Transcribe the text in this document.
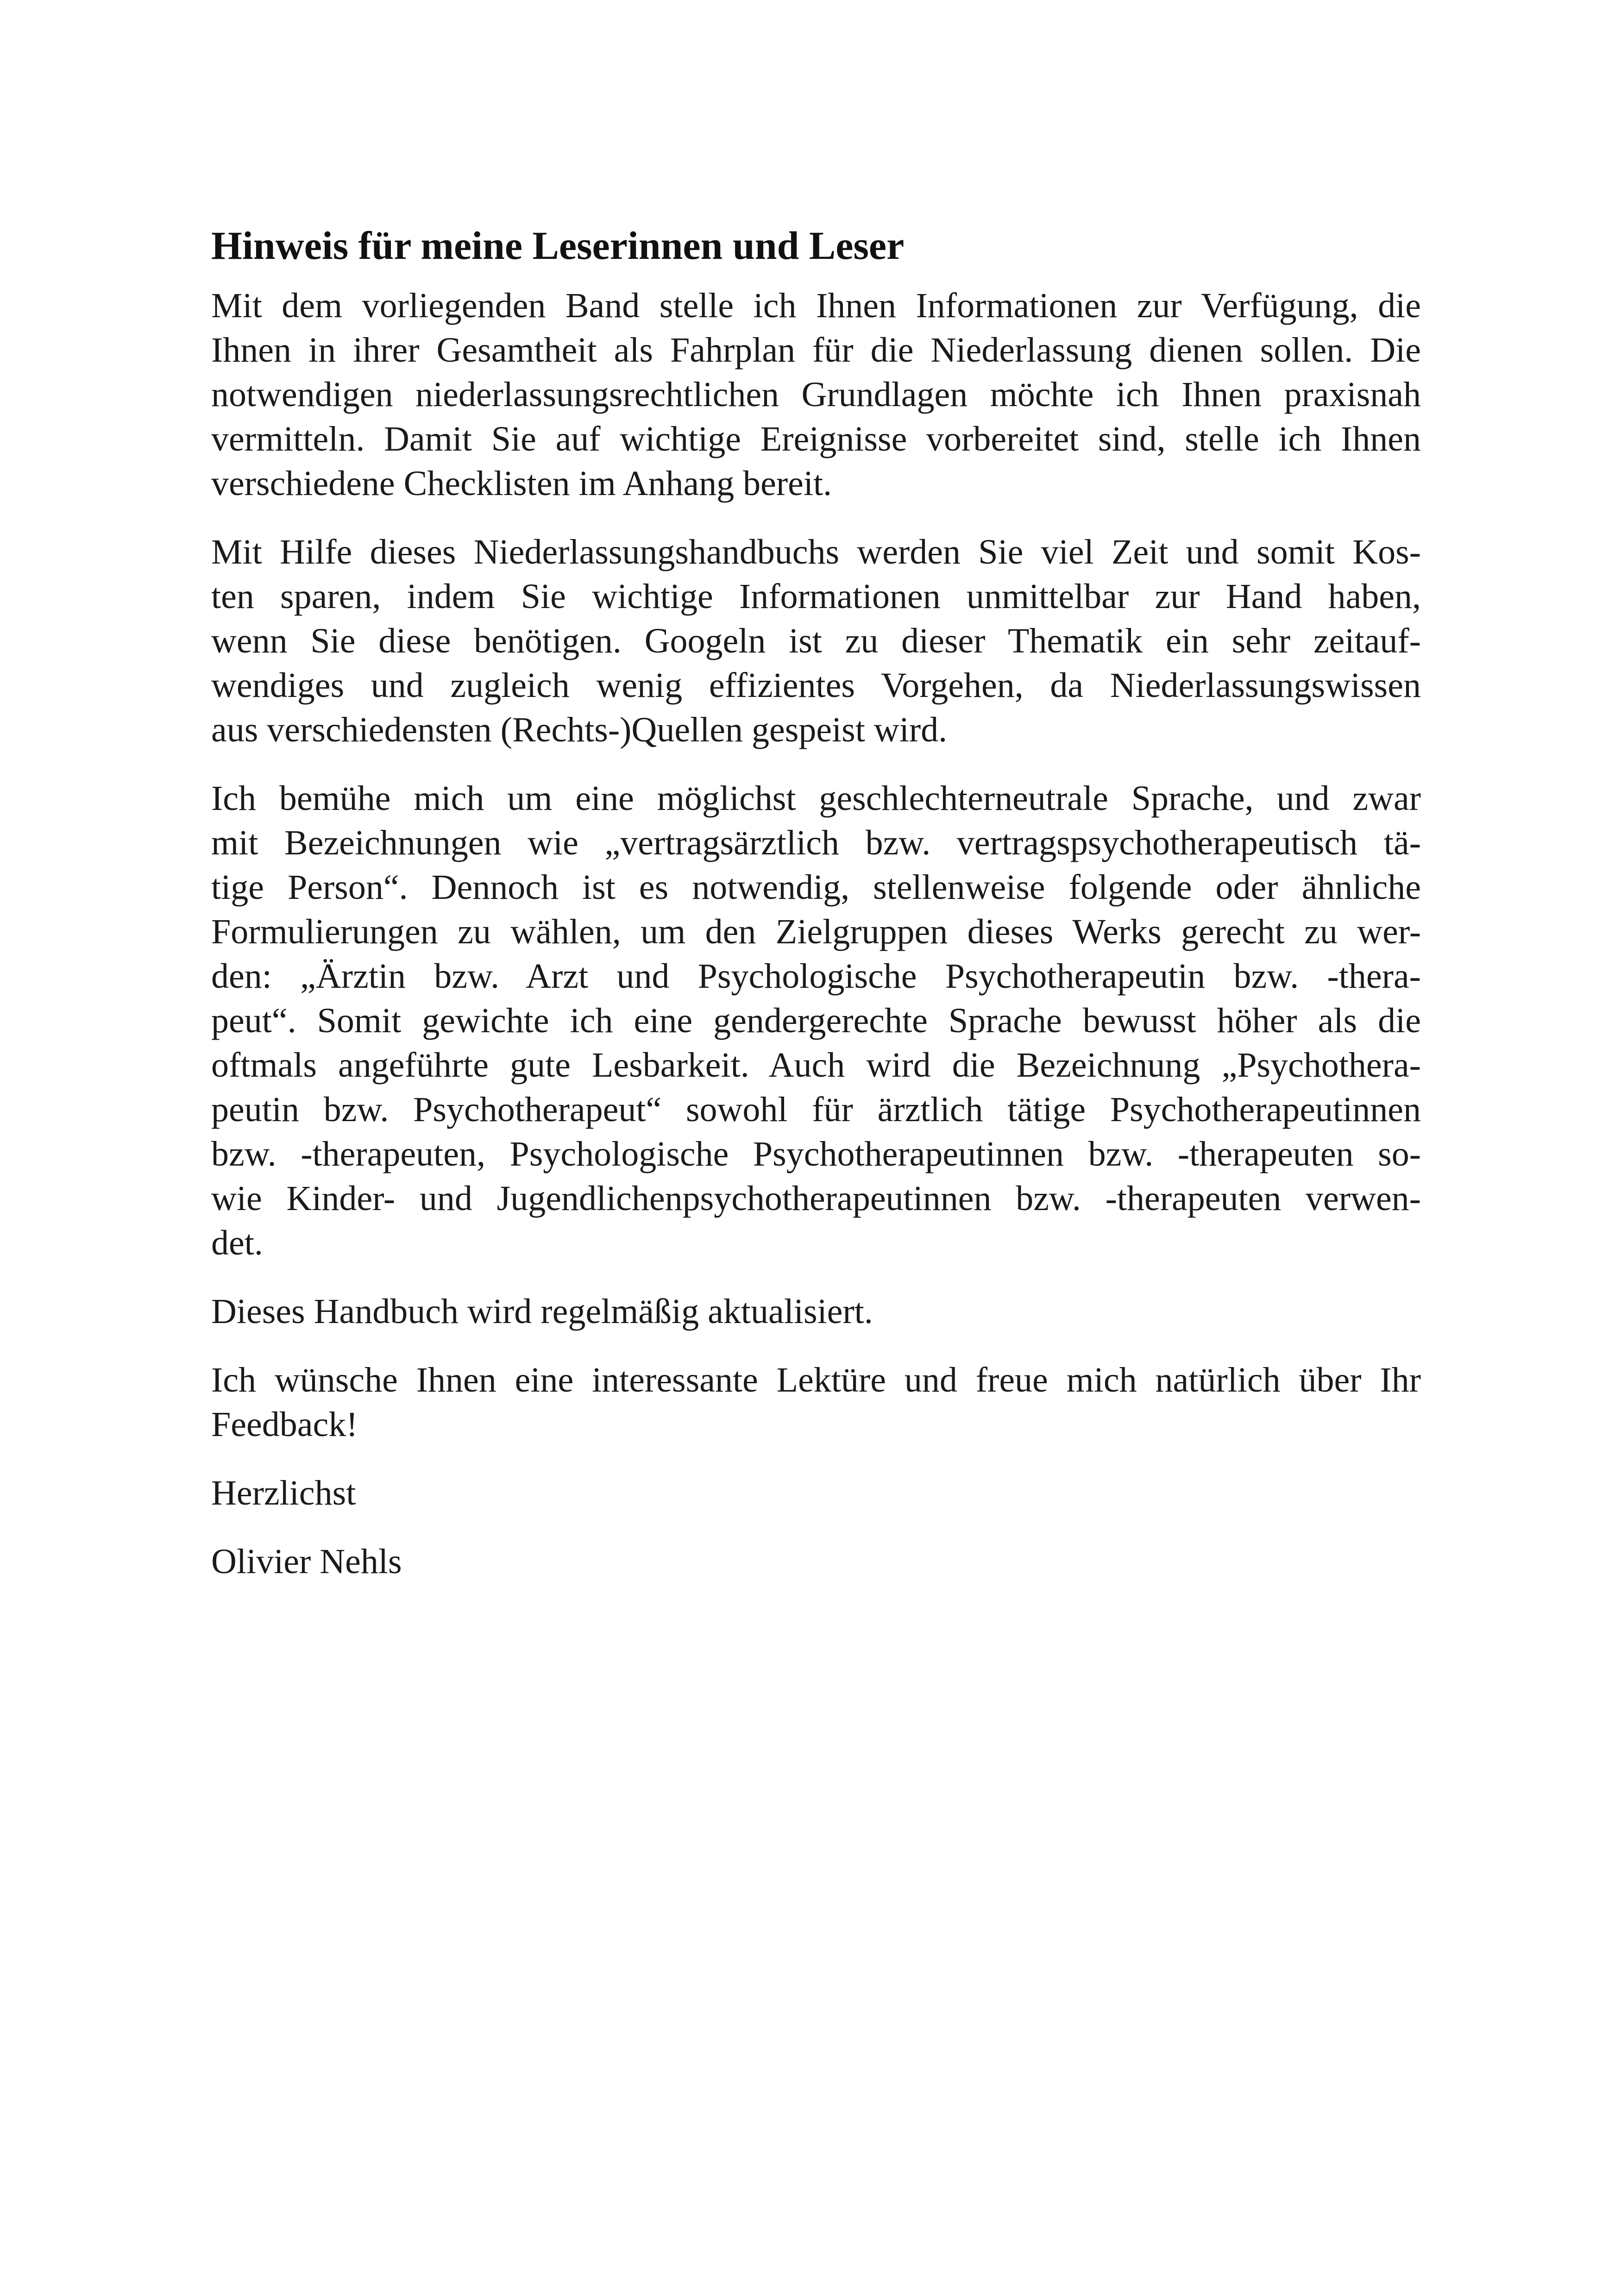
Hinweis für meine Leserinnen und Leser

Mit dem vorliegenden Band stelle ich Ihnen Informationen zur Verfügung, die
Ihnen in ihrer Gesamtheit als Fahrplan für die Niederlassung dienen sollen. Die
notwendigen niederlassungsrechtlichen Grundlagen möchte ich Ihnen praxisnah
vermitteln. Damit Sie auf wichtige Ereignisse vorbereitet sind, stelle ich Ihnen
verschiedene Checklisten im Anhang bereit.

Mit Hilfe dieses Niederlassungshandbuchs werden Sie viel Zeit und somit Kos-
ten sparen, indem Sie wichtige Informationen unmittelbar zur Hand haben,
wenn Sie diese benötigen. Googeln ist zu dieser Thematik ein sehr zeitauf-
wendiges und zugleich wenig effizientes Vorgehen, da Niederlassungswissen
aus verschiedensten (Rechts-)Quellen gespeist wird.

Ich bemühe mich um eine möglichst geschlechterneutrale Sprache, und zwar
mit Bezeichnungen wie „vertragsärztlich bzw. vertragspsychotherapeutisch tä-
tige Person“. Dennoch ist es notwendig, stellenweise folgende oder ähnliche
Formulierungen zu wählen, um den Zielgruppen dieses Werks gerecht zu wer-
den: „Ärztin bzw. Arzt und Psychologische Psychotherapeutin bzw. -thera-
peut“. Somit gewichte ich eine gendergerechte Sprache bewusst höher als die
oftmals angeführte gute Lesbarkeit. Auch wird die Bezeichnung „Psychothera-
peutin bzw. Psychotherapeut“ sowohl für ärztlich tätige Psychotherapeutinnen
bzw. -therapeuten, Psychologische Psychotherapeutinnen bzw. -therapeuten so-
wie Kinder- und Jugendlichenpsychotherapeutinnen bzw. -therapeuten verwen-
det.

Dieses Handbuch wird regelmäßig aktualisiert.

Ich wünsche Ihnen eine interessante Lektüre und freue mich natürlich über Ihr
Feedback!

Herzlichst

Olivier Nehls
